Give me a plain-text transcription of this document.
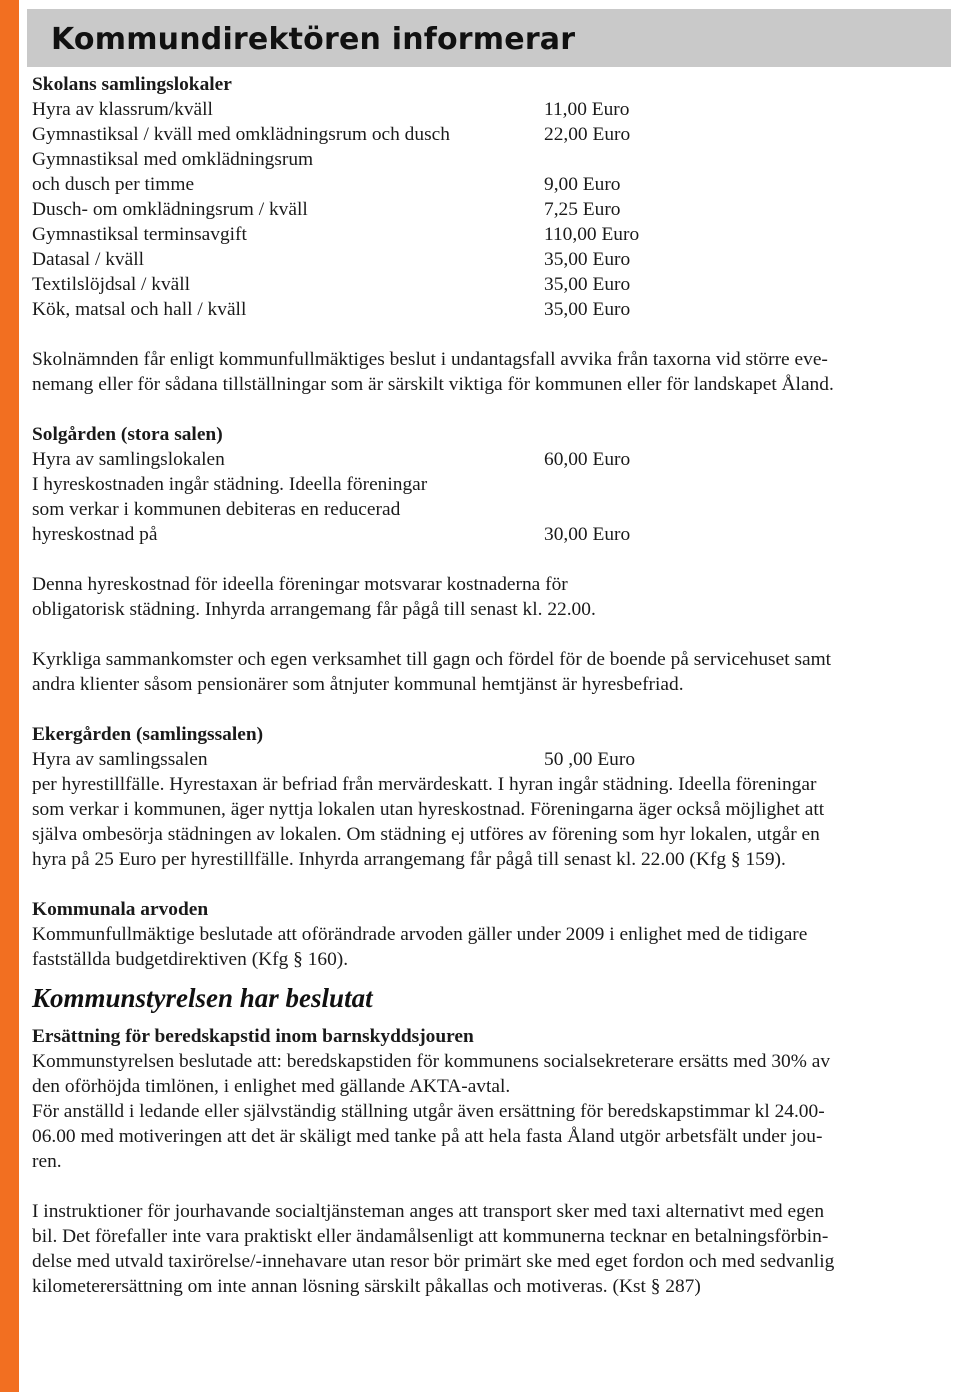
Kommundirektören informerar
Skolans samlingslokaler
Hyra av klassrum/kväll	11,00 Euro
Gymnastiksal / kväll med omklädningsrum och dusch	22,00 Euro
Gymnastiksal med omklädningsrum
och dusch per timme	9,00 Euro
Dusch- om omklädningsrum / kväll	7,25 Euro
Gymnastiksal terminsavgift	110,00 Euro
Datasal / kväll	35,00 Euro
Textilslöjdsal / kväll	35,00 Euro
Kök, matsal och hall / kväll	35,00 Euro
Skolnämnden får enligt kommunfullmäktiges beslut i undantagsfall avvika från taxorna vid större eve-
nemang eller för sådana tillställningar som är särskilt viktiga för kommunen eller för landskapet Åland.
Solgården (stora salen)
Hyra av samlingslokalen	60,00 Euro
I hyreskostnaden ingår städning. Ideella föreningar
som verkar i kommunen debiteras en reducerad
hyreskostnad på	30,00 Euro
Denna hyreskostnad för ideella föreningar motsvarar kostnaderna för
obligatorisk städning. Inhyrda arrangemang får pågå till senast kl. 22.00.
Kyrkliga sammankomster och egen verksamhet till gagn och fördel för de boende på servicehuset samt
andra klienter såsom pensionärer som åtnjuter kommunal hemtjänst är hyresbefriad.
Ekergården (samlingssalen)
Hyra av samlingssalen	50 ,00 Euro
per hyrestillfälle. Hyrestaxan är befriad från mervärdeskatt. I hyran ingår städning. Ideella föreningar
som verkar i kommunen, äger nyttja lokalen utan hyreskostnad. Föreningarna äger också möjlighet att
själva ombesörja städningen av lokalen. Om städning ej utföres av förening som hyr lokalen, utgår en
hyra på 25 Euro per hyrestillfälle. Inhyrda arrangemang får pågå till senast kl. 22.00 (Kfg § 159).
Kommunala arvoden
Kommunfullmäktige beslutade att oförändrade arvoden gäller under 2009 i enlighet med de tidigare
fastställda budgetdirektiven (Kfg § 160).
Kommunstyrelsen har beslutat
Ersättning för beredskapstid inom barnskyddsjouren
Kommunstyrelsen beslutade att: beredskapstiden för kommunens socialsekreterare ersätts med 30% av
den oförhöjda timlönen, i enlighet med gällande AKTA-avtal.
För anställd i ledande eller självständig ställning utgår även ersättning för beredskapstimmar kl 24.00-
06.00 med motiveringen att det är skäligt med tanke på att hela fasta Åland utgör arbetsfält under jou-
ren.
I instruktioner för jourhavande socialtjänsteman anges att transport sker med taxi alternativt med egen
bil. Det förefaller inte vara praktiskt eller ändamålsenligt att kommunerna tecknar en betalningsförbin-
delse med utvald taxirörelse/-innehavare utan resor bör primärt ske med eget fordon och med sedvanlig
kilometerersättning om inte annan lösning särskilt påkallas och motiveras. (Kst § 287)
